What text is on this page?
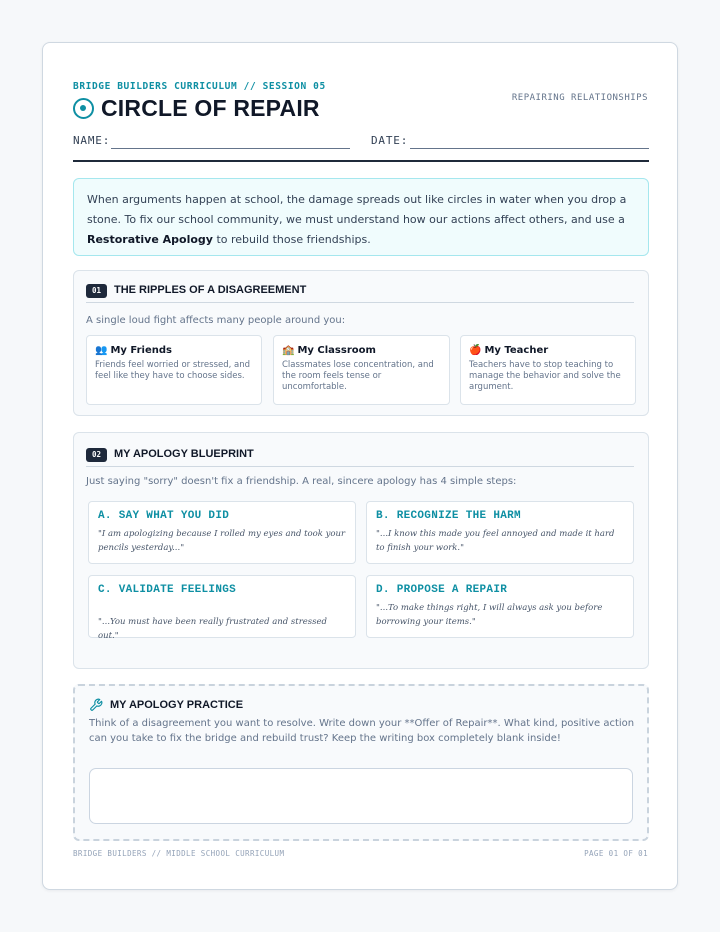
BRIDGE BUILDERS CURRICULUM // SESSION 05
REPAIRING RELATIONSHIPS
CIRCLE OF REPAIR
NAME:	DATE:
When arguments happen at school, the damage spreads out like circles in water when you drop a stone. To fix our school community, we must understand how our actions affect others, and use a Restorative Apology to rebuild those friendships.
01	THE RIPPLES OF A DISAGREEMENT
A single loud fight affects many people around you:
👥 My Friends
Friends feel worried or stressed, and feel like they have to choose sides.
🏫 My Classroom
Classmates lose concentration, and the room feels tense or uncomfortable.
🍎 My Teacher
Teachers have to stop teaching to manage the behavior and solve the argument.
02	MY APOLOGY BLUEPRINT
Just saying "sorry" doesn't fix a friendship. A real, sincere apology has 4 simple steps:
A. SAY WHAT YOU DID
"I am apologizing because I rolled my eyes and took your pencils yesterday..."
B. RECOGNIZE THE HARM
"...I know this made you feel annoyed and made it hard to finish your work."
C. VALIDATE FEELINGS
"...You must have been really frustrated and stressed out."
D. PROPOSE A REPAIR
"...To make things right, I will always ask you before borrowing your items."
MY APOLOGY PRACTICE
Think of a disagreement you want to resolve. Write down your **Offer of Repair**. What kind, positive action can you take to fix the bridge and rebuild trust? Keep the writing box completely blank inside!
BRIDGE BUILDERS // MIDDLE SCHOOL CURRICULUM	PAGE 01 OF 01
